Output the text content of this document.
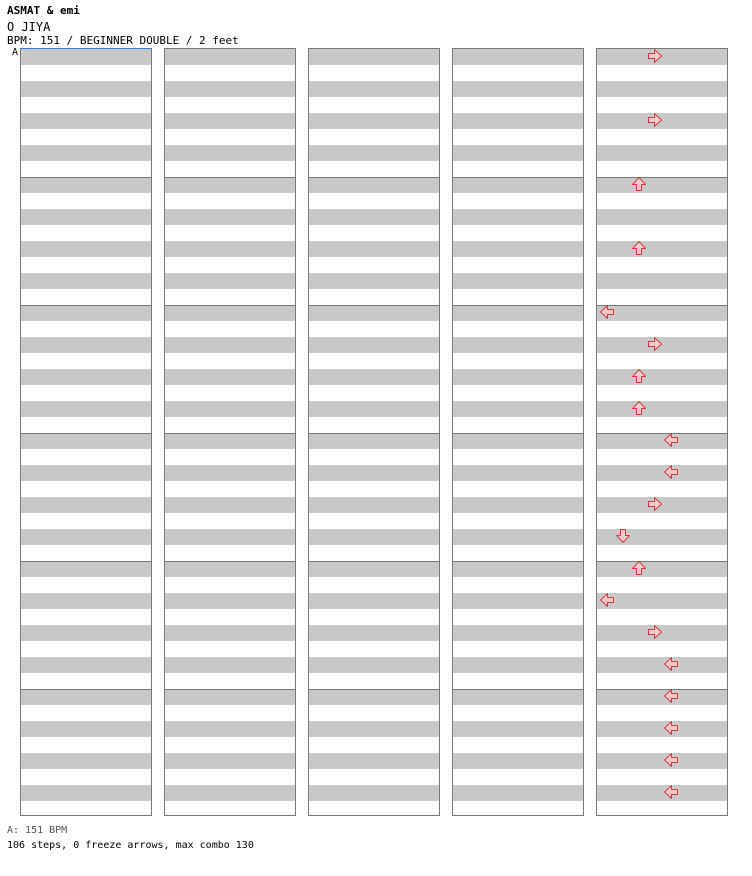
ASMAT & emi
O JIYA
BPM: 151 / BEGINNER DOUBLE / 2 feet
A
A: 151 BPM
106 steps, 0 freeze arrows, max combo 130
